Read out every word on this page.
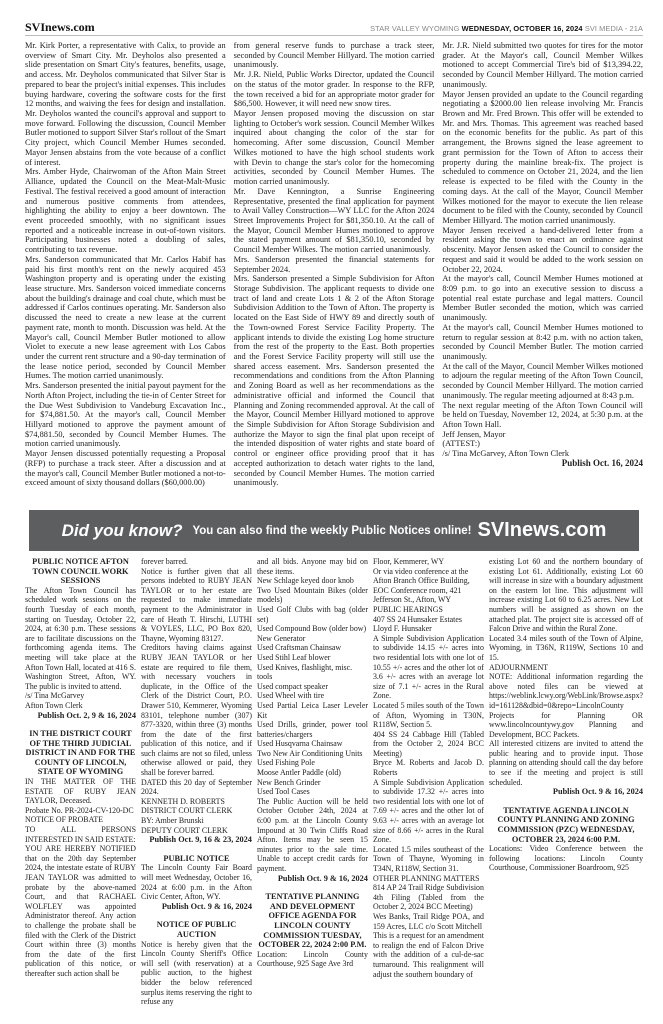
SVInews.com	STAR VALLEY WYOMING WEDNESDAY, OCTOBER 16, 2024 SVI MEDIA - 21A

Mr. Kirk Porter, a representative with Calix, to provide an overview of Smart City. Mr. Deyholos also presented a slide presentation on Smart City's features, benefits, usage, and access. Mr. Deyholos communicated that Silver Star is prepared to bear the project's initial expenses. This includes buying hardware, covering the software costs for the first 12 months, and waiving the fees for design and installation. Mr. Deyholos wanted the council's approval and support to move forward. Following the discussion, Council Member Butler motioned to support Silver Star's rollout of the Smart City project, which Council Member Humes seconded. Mayor Jensen abstains from the vote because of a conflict of interest.

Mrs. Amber Hyde, Chairwoman of the Afton Main Street Alliance, updated the Council on the Meat-Malt-Music Festival. The festival received a good amount of interaction and numerous positive comments from attendees, highlighting the ability to enjoy a beer downtown. The event proceeded smoothly, with no significant issues reported and a noticeable increase in out-of-town visitors. Participating businesses noted a doubling of sales, contributing to tax revenue.

Mrs. Sanderson communicated that Mr. Carlos Habif has paid his first month's rent on the newly acquired 453 Washington property and is operating under the existing lease structure. Mrs. Sanderson voiced immediate concerns about the building's drainage and coal chute, which must be addressed if Carlos continues operating. Mr. Sanderson also discussed the need to create a new lease at the current payment rate, month to month. Discussion was held. At the Mayor's call, Council Member Butler motioned to allow Violet to execute a new lease agreement with Los Cabos under the current rent structure and a 90-day termination of the lease notice period, seconded by Council Member Humes. The motion carried unanimously.

Mrs. Sanderson presented the initial payout payment for the North Afton Project, including the tie-in of Center Street for the Due West Subdivision to Vandeburg Excavation Inc., for $74,881.50. At the mayor's call, Council Member Hillyard motioned to approve the payment amount of $74,881.50, seconded by Council Member Humes. The motion carried unanimously.

Mayor Jensen discussed potentially requesting a Proposal (RFP) to purchase a track steer. After a discussion and at the mayor's call, Council Member Butler motioned a not-to-exceed amount of sixty thousand dollars ($60,000.00)

from general reserve funds to purchase a track steer, seconded by Council Member Hillyard. The motion carried unanimously.

Mr. J.R. Nield, Public Works Director, updated the Council on the status of the motor grader. In response to the RFP, the town received a bid for an appropriate motor grader for $86,500. However, it will need new snow tires.

Mayor Jensen proposed moving the discussion on star lighting to October's work session. Council Member Wilkes inquired about changing the color of the star for homecoming. After some discussion, Council Member Wilkes motioned to have the high school students work with Devin to change the star's color for the homecoming activities, seconded by Council Member Humes. The motion carried unanimously.

Mr. Dave Kennington, a Sunrise Engineering Representative, presented the final application for payment to Avail Valley Construction—WY LLC for the Afton 2024 Street Improvements Project for $81,350.10. At the call of the Mayor, Council Member Humes motioned to approve the stated payment amount of $81,350.10, seconded by Council Member Wilkes. The motion carried unanimously.

Mrs. Sanderson presented the financial statements for September 2024.

Mrs. Sanderson presented a Simple Subdivision for Afton Storage Subdivision. The applicant requests to divide one tract of land and create Lots 1 & 2 of the Afton Storage Subdivision Addition to the Town of Afton. The property is located on the East Side of HWY 89 and directly south of the Town-owned Forest Service Facility Property. The applicant intends to divide the existing Log home structure from the rest of the property to the East. Both properties and the Forest Service Facility property will still use the shared access easement. Mrs. Sanderson presented the recommendations and conditions from the Afton Planning and Zoning Board as well as her recommendations as the administrative official and informed the Council that Planning and Zoning recommended approval. At the call of the Mayor, Council Member Hillyard motioned to approve the Simple Subdivision for Afton Storage Subdivision and authorize the Mayor to sign the final plat upon receipt of the intended disposition of water rights and state board of control or engineer office providing proof that it has accepted authorization to detach water rights to the land, seconded by Council Member Humes. The motion carried unanimously.

Mr. J.R. Nield submitted two quotes for tires for the motor grader. At the Mayor's call, Council Member Wilkes motioned to accept Commercial Tire's bid of $13,394.22, seconded by Council Member Hillyard. The motion carried unanimously.

Mayor Jensen provided an update to the Council regarding negotiating a $2000.00 lien release involving Mr. Francis Brown and Mr. Fred Brown. This offer will be extended to Mr. and Mrs. Thomas. This agreement was reached based on the economic benefits for the public. As part of this arrangement, the Browns signed the lease agreement to grant permission for the Town of Afton to access their property during the mainline break-fix. The project is scheduled to commence on October 21, 2024, and the lien release is expected to be filed with the County in the coming days. At the call of the Mayor, Council Member Wilkes motioned for the mayor to execute the lien release document to be filed with the County, seconded by Council Member Hillyard. The motion carried unanimously.

Mayor Jensen received a hand-delivered letter from a resident asking the town to enact an ordinance against obscenity. Mayor Jensen asked the Council to consider the request and said it would be added to the work session on October 22, 2024.

At the mayor's call, Council Member Humes motioned at 8:09 p.m. to go into an executive session to discuss a potential real estate purchase and legal matters. Council Member Butler seconded the motion, which was carried unanimously.

At the mayor's call, Council Member Humes motioned to return to regular session at 8:42 p.m. with no action taken, seconded by Council Member Butler. The motion carried unanimously.

At the call of the Mayor, Council Member Wilkes motioned to adjourn the regular meeting of the Afton Town Council, seconded by Council Member Hillyard. The motion carried unanimously. The regular meeting adjourned at 8:43 p.m.

The next regular meeting of the Afton Town Council will be held on Tuesday, November 12, 2024, at 5:30 p.m. at the Afton Town Hall.

Jeff Jensen, Mayor

(ATTEST:)

/s/ Tina McGarvey, Afton Town Clerk

Publish Oct. 16, 2024

Did you know? You can also find the weekly Public Notices online! SVInews.com

PUBLIC NOTICE AFTON TOWN COUNCIL WORK SESSIONS

The Afton Town Council has scheduled work sessions on the fourth Tuesday of each month, starting on Tuesday, October 22, 2024, at 6:30 p.m. These sessions are to facilitate discussions on the forthcoming agenda items. The meeting will take place at the Afton Town Hall, located at 416 S. Washington Street, Afton, WY. The public is invited to attend.

/s/ Tina McGarvey

Afton Town Clerk

Publish Oct. 2, 9 & 16, 2024

IN THE DISTRICT COURT OF THE THIRD JUDICIAL DISTRICT IN AND FOR THE COUNTY OF LINCOLN, STATE OF WYOMING

IN THE MATTER OF THE ESTATE OF RUBY JEAN TAYLOR, Deceased.

Probate No. PR-2024-CV-120-DC

NOTICE OF PROBATE

TO ALL PERSONS INTERESTED IN SAID ESTATE:

YOU ARE HEREBY NOTIFIED that on the 20th day September 2024, the intestate estate of RUBY JEAN TAYLOR was admitted to probate by the above-named Court, and that RACHAEL WOLFLEY was appointed Administrator thereof. Any action to challenge the probate shall be filed with the Clerk of the District Court within three (3) months from the date of the first publication of this notice, or thereafter such action shall be

forever barred.

Notice is further given that all persons indebted to RUBY JEAN TAYLOR or to her estate are requested to make immediate payment to the Administrator in care of Heath T. Hirschi, LUTHI & VOYLES, LLC, PO Box 820, Thayne, Wyoming 83127.

Creditors having claims against RUBY JEAN TAYLOR or her estate are required to file them, with necessary vouchers in duplicate, in the Office of the Clerk of the District Court, P.O. Drawer 510, Kemmerer, Wyoming 83101, telephone number (307) 877-3320, within three (3) months from the date of the first publication of this notice, and if such claims are not so filed, unless otherwise allowed or paid, they shall be forever barred.

DATED this 20 day of September 2024.

KENNETH D. ROBERTS

DISTRICT COURT CLERK

BY: Amber Brunski

DEPUTY COURT CLERK

Publish Oct. 9, 16 & 23, 2024

PUBLIC NOTICE

The Lincoln County Fair Board will meet Wednesday, October 16, 2024 at 6:00 p.m. in the Afton Civic Center, Afton, WY.

Publish Oct. 9 & 16, 2024

NOTICE OF PUBLIC AUCTION

Notice is hereby given that the Lincoln County Sheriff's Office will sell (with reservation) at a public auction, to the highest bidder the below referenced surplus items reserving the right to refuse any

and all bids. Anyone may bid on these items.

New Schlage keyed door knob

Two Used Mountain Bikes (older models)

Used Golf Clubs with bag (older set)

Used Compound Bow (older bow)

New Generator

Used Craftsman Chainsaw

Used Stihl Leaf blower

Used Knives, flashlight, misc. tools

Used compact speaker

Used Wheel with tire

Used Partial Leica Laser Leveler Kit

Used Drills, grinder, power tool batteries/chargers

Used Husqvarna Chainsaw

Two New Air Conditioning Units

Used Fishing Pole

Moose Antler Paddle (old)

New Bench Grinder

Used Tool Cases

The Public Auction will be held October October 24th, 2024 at 6:00 p.m. at the Lincoln County Impound at 30 Twin Cliffs Road Afton. Items may be seen 15 minutes prior to the sale time. Unable to accept credit cards for payment.

Publish Oct. 9 & 16, 2024

TENTATIVE PLANNING AND DEVELOPMENT OFFICE AGENDA FOR LINCOLN COUNTY COMMISSION TUESDAY, OCTOBER 22, 2024 2:00 P.M.

Location: Lincoln County Courthouse, 925 Sage Ave 3rd

Floor, Kemmerer, WY

Or via video conference at the Afton Branch Office Building, EOC Conference room, 421 Jefferson St., Afton, WY

PUBLIC HEARINGS

407 SS 24 Hunsaker Estates

Lloyd F. Hunsaker

A Simple Subdivision Application to subdivide 14.15 +/- acres into two residential lots with one lot of 10.55 +/- acres and the other lot of 3.6 +/- acres with an average lot size of 7.1 +/- acres in the Rural Zone.

Located 5 miles south of the Town of Afton, Wyoming in T30N, R118W, Section 5.

404 SS 24 Cabbage Hill (Tabled from the October 2, 2024 BCC Meeting)

Bryce M. Roberts and Jacob D. Roberts

A Simple Subdivision Application to subdivide 17.32 +/- acres into two residential lots with one lot of 7.69 +/- acres and the other lot of 9.63 +/- acres with an average lot size of 8.66 +/- acres in the Rural Zone.

Located 1.5 miles southeast of the Town of Thayne, Wyoming in T34N, R118W, Section 31.

OTHER PLANNING MATTERS

814 AP 24 Trail Ridge Subdivision 4th Filing (Tabled from the October 2, 2024 BCC Meeting)

Wes Banks, Trail Ridge POA, and 159 Acres, LLC c/o Scott Mitchell

This is a request for an amendment to realign the end of Falcon Drive with the addition of a cul-de-sac turnaround. This realignment will adjust the southern boundary of

existing Lot 60 and the northern boundary of existing Lot 61. Additionally, existing Lot 60 will increase in size with a boundary adjustment on the eastern lot line. This adjustment will increase existing Lot 60 to 6.25 acres. New Lot numbers will be assigned as shown on the attached plat. The project site is accessed off of Falcon Drive and within the Rural Zone.

Located 3.4 miles south of the Town of Alpine, Wyoming, in T36N, R119W, Sections 10 and 15.

ADJOURNMENT

NOTE: Additional information regarding the above noted files can be viewed at https://weblink.lcwy.org/WebLink/Browse.aspx?id=161128&dbid=0&repo=LincolnCounty

Projects for Planning OR www.lincolncountywy.gov Planning and Development, BCC Packets.

All interested citizens are invited to attend the public hearing and to provide input. Those planning on attending should call the day before to see if the meeting and project is still scheduled.

Publish Oct. 9 & 16, 2024

TENTATIVE AGENDA LINCOLN COUNTY PLANNING AND ZONING COMMISSION (PZC) WEDNESDAY, OCTOBER 23, 2024 6:00 P.M.

Locations: Video Conference between the following locations: Lincoln County Courthouse, Commissioner Boardroom, 925
